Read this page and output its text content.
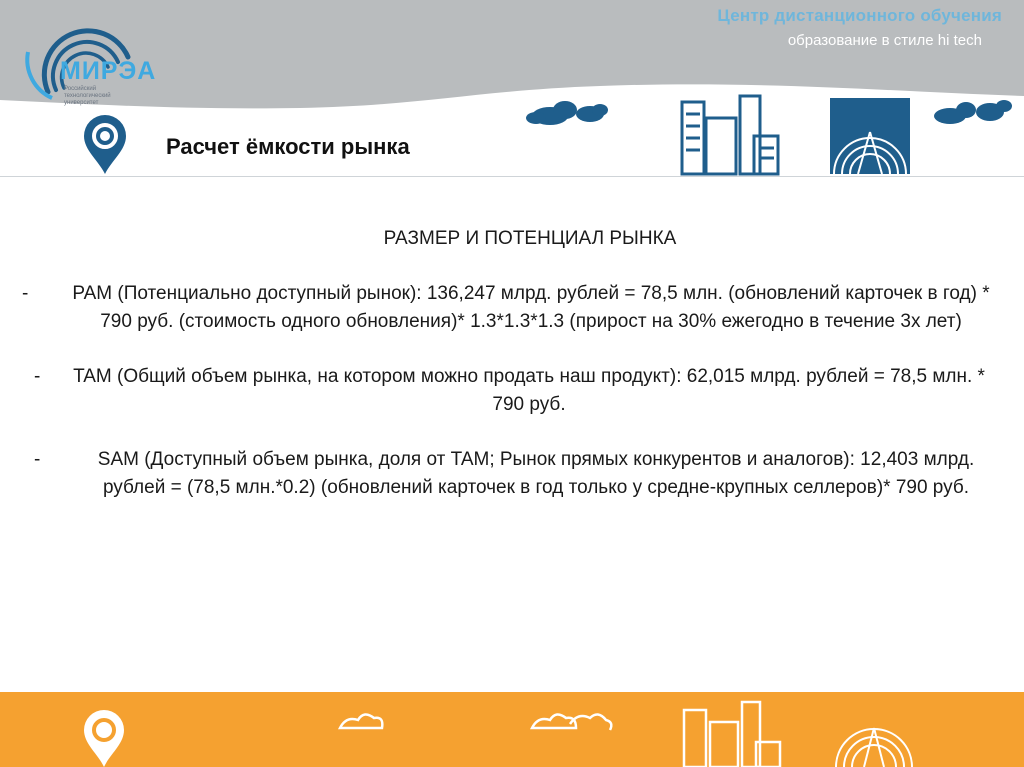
Центр дистанционного обучения
образование в стиле hi tech
МИРЭА
Российский
технологический
университет
Расчет ёмкости рынка
РАЗМЕР И ПОТЕНЦИАЛ РЫНКА
-	PAM (Потенциально доступный рынок): 136,247 млрд. рублей = 78,5 млн. (обновлений карточек в год) * 790 руб. (стоимость одного обновления)* 1.3*1.3*1.3 (прирост на 30% ежегодно в течение 3х лет)
-	TAM (Общий объем рынка, на котором можно продать наш продукт): 62,015 млрд. рублей = 78,5 млн. * 790 руб.
-	SAM (Доступный объем рынка, доля от TAM; Рынок прямых конкурентов и аналогов): 12,403 млрд. рублей = (78,5 млн.*0.2) (обновлений карточек в год только у средне-крупных селлеров)* 790 руб.
